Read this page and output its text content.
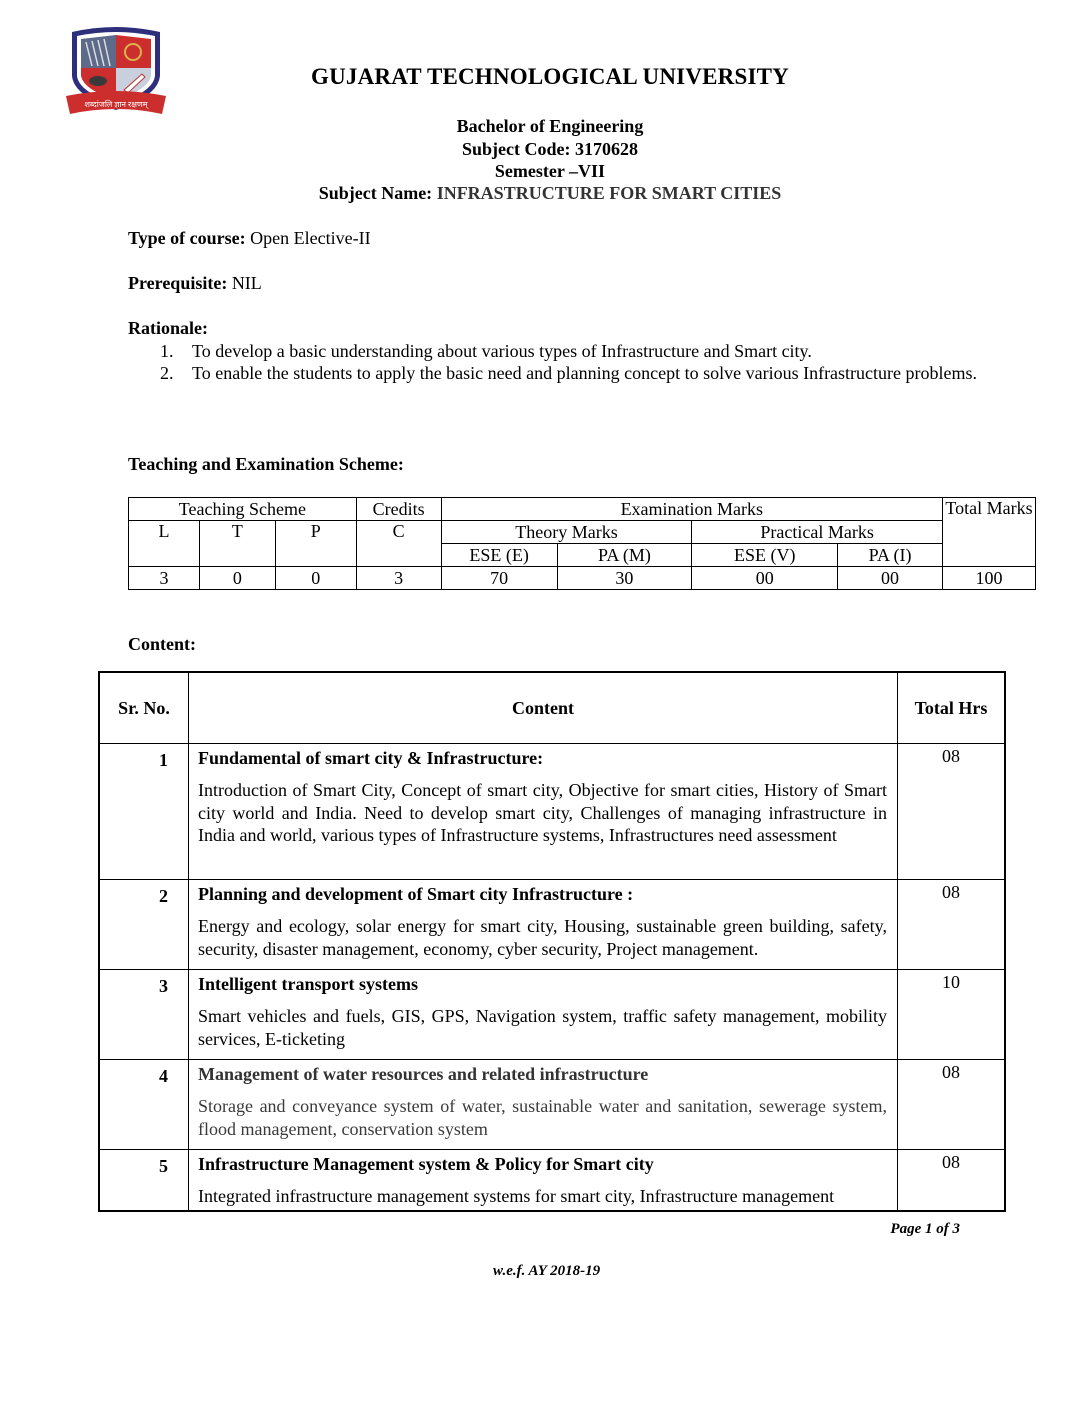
शब्दांजलि ज्ञान रक्षणम्
GUJARAT TECHNOLOGICAL UNIVERSITY
Bachelor of Engineering
Subject Code: 3170628
Semester –VII
Subject Name: INFRASTRUCTURE FOR SMART CITIES
Type of course: Open Elective-II
Prerequisite: NIL
Rationale:
1. To develop a basic understanding about various types of Infrastructure and Smart city.
2. To enable the students to apply the basic need and planning concept to solve various Infrastructure problems.
Teaching and Examination Scheme:
Teaching Scheme			Credits	Examination Marks				Total Marks
L	T	P	C	Theory Marks		Practical Marks		
				ESE (E)	PA (M)	ESE (V)	PA (I)	
3	0	0	3	70	30	00	00	100
Content:
Sr. No.	Content	Total Hrs
1	Fundamental of smart city & Infrastructure:
Introduction of Smart City, Concept of smart city, Objective for smart cities, History of Smart city world and India. Need to develop smart city, Challenges of managing infrastructure in India and world, various types of Infrastructure systems, Infrastructures need assessment	08
2	Planning and development of Smart city Infrastructure :
Energy and ecology, solar energy for smart city, Housing, sustainable green building, safety, security, disaster management, economy, cyber security, Project management.	08
3	Intelligent transport systems
Smart vehicles and fuels, GIS, GPS, Navigation system, traffic safety management, mobility services, E-ticketing	10
4	Management of water resources and related infrastructure
Storage and conveyance system of water, sustainable water and sanitation, sewerage system, flood management, conservation system	08
5	Infrastructure Management system & Policy for Smart city
Integrated infrastructure management systems for smart city, Infrastructure management	08
Page 1 of 3
w.e.f. AY 2018-19
